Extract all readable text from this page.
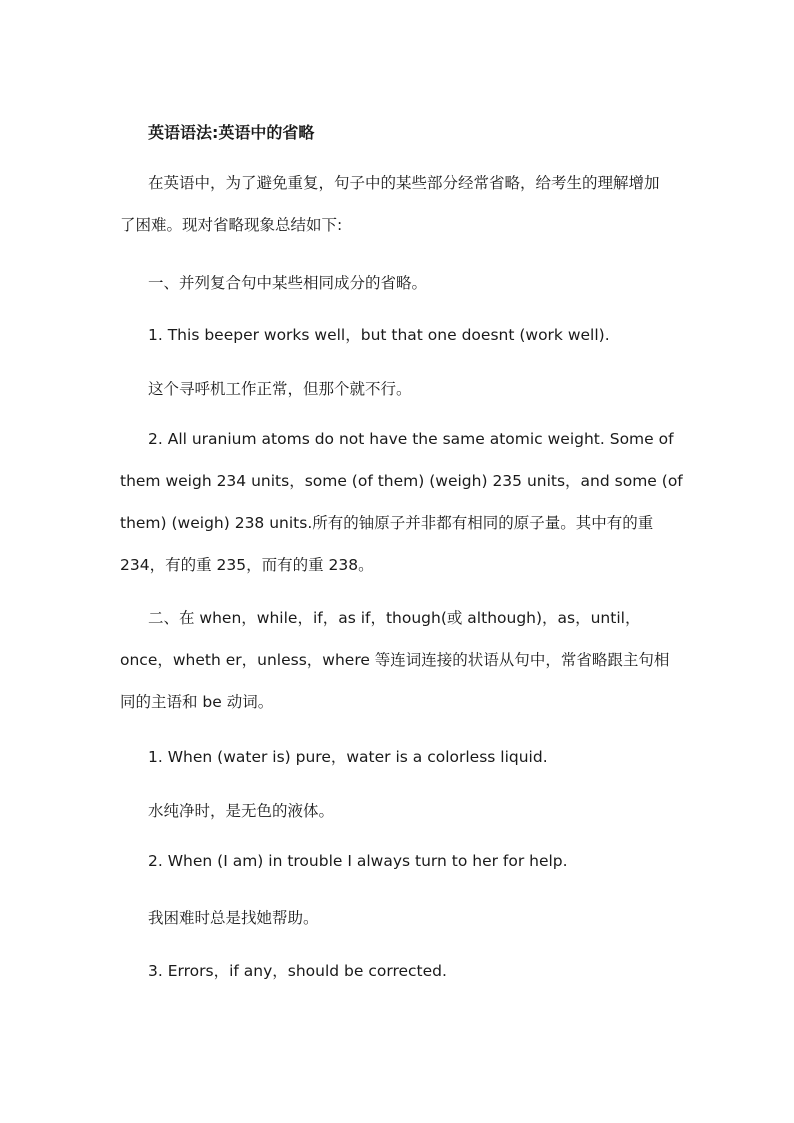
英语语法:英语中的省略
在英语中，为了避免重复，句子中的某些部分经常省略，给考生的理解增加
了困难。现对省略现象总结如下:
一、并列复合句中某些相同成分的省略。
1. This beeper works well，but that one doesnt (work well).
这个寻呼机工作正常，但那个就不行。
2. All uranium atoms do not have the same atomic weight. Some of
them weigh 234 units，some (of them) (weigh) 235 units，and some (of
them) (weigh) 238 units.所有的铀原子并非都有相同的原子量。其中有的重
234，有的重 235，而有的重 238。
二、在 when，while，if，as if，though(或 although)，as，until，
once，wheth er，unless，where 等连词连接的状语从句中，常省略跟主句相
同的主语和 be 动词。
1. When (water is) pure，water is a colorless liquid.
水纯净时，是无色的液体。
2. When (I am) in trouble I always turn to her for help.
我困难时总是找她帮助。
3. Errors，if any，should be corrected.
